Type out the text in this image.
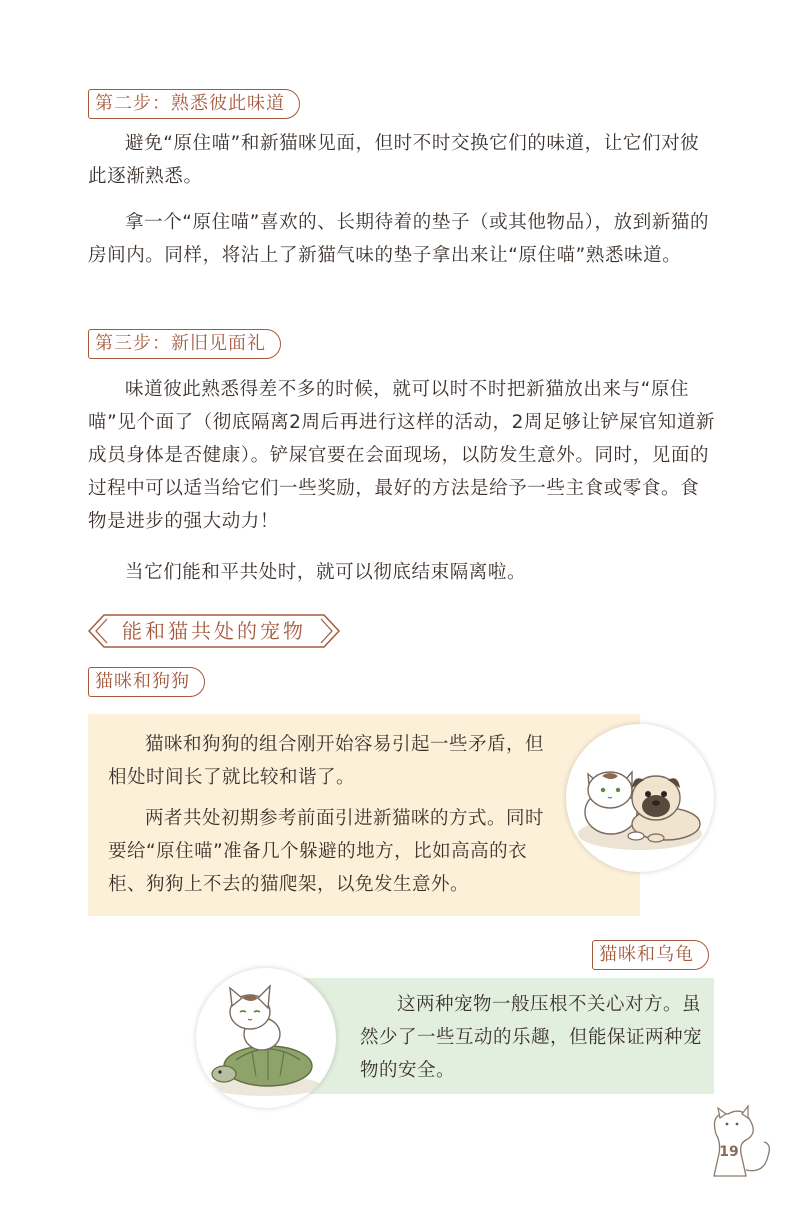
第二步：熟悉彼此味道

避免“原住喵”和新猫咪见面，但时不时交换它们的味道，让它们对彼此逐渐熟悉。

拿一个“原住喵”喜欢的、长期待着的垫子（或其他物品），放到新猫的房间内。同样，将沾上了新猫气味的垫子拿出来让“原住喵”熟悉味道。

第三步：新旧见面礼

味道彼此熟悉得差不多的时候，就可以时不时把新猫放出来与“原住喵”见个面了（彻底隔离2周后再进行这样的活动，2周足够让铲屎官知道新成员身体是否健康）。铲屎官要在会面现场，以防发生意外。同时，见面的过程中可以适当给它们一些奖励，最好的方法是给予一些主食或零食。食物是进步的强大动力！

当它们能和平共处时，就可以彻底结束隔离啦。

能和猫共处的宠物
猫咪和狗狗

猫咪和狗狗的组合刚开始容易引起一些矛盾，但相处时间长了就比较和谐了。

两者共处初期参考前面引进新猫咪的方式。同时要给“原住喵”准备几个躲避的地方，比如高高的衣柜、狗狗上不去的猫爬架，以免发生意外。

猫咪和乌龟

这两种宠物一般压根不关心对方。虽然少了一些互动的乐趣，但能保证两种宠物的安全。

19
